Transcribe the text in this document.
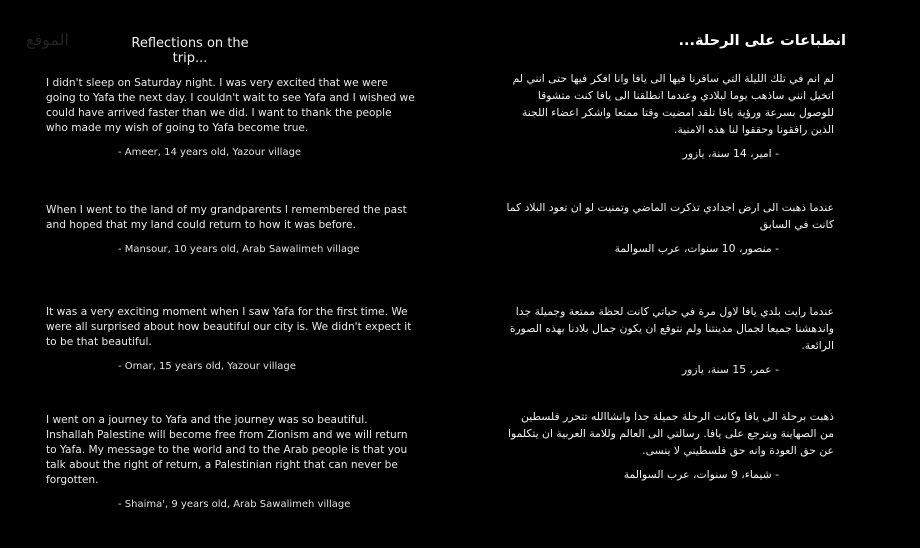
الموقع	Reflections on the trip...
انطباعات على الرحلة...

I didn't sleep on Saturday night. I was very excited that we were going to Yafa the next day. I couldn't wait to see Yafa and I wished we could have arrived faster than we did. I want to thank the people who made my wish of going to Yafa become true.

- Ameer, 14 years old, Yazour village

When I went to the land of my grandparents I remembered the past and hoped that my land could return to how it was before.

- Mansour, 10 years old, Arab Sawalimeh village

It was a very exciting moment when I saw Yafa for the first time. We were all surprised about how beautiful our city is. We didn't expect it to be that beautiful.

- Omar, 15 years old, Yazour village

I went on a journey to Yafa and the journey was so beautiful. Inshallah Palestine will become free from Zionism and we will return to Yafa. My message to the world and to the Arab people is that you talk about the right of return, a Palestinian right that can never be forgotten.

- Shaima', 9 years old, Arab Sawalimeh village

لم انم في تلك الليلة التي سافرنا فيها الى يافا وانا افكر فيها حتى انني لم اتخيل انني ساذهب يوما لبلادي وعندما انطلقنا الى يافا كنت متشوقا للوصول بسرعة ورؤية يافا تلقد امضيت وقتا ممتعا واشكر اعضاء اللجنة الذين رافقونا وحققوا لنا هذه الامنية.

- امير، 14 سنة، يازور

عندما ذهبت الى ارض اجدادي تذكرت الماضي وتمنيت لو ان تعود البلاد كما كانت في السابق

- منصور، 10 سنوات، عرب السوالمة

عندما رايت بلدي يافا لاول مرة في حياتي كانت لحظة ممتعة وجميلة جدا واندهشنا جميعا لجمال مدينتنا ولم نتوقع ان يكون جمال بلادنا بهذه الصورة الرائعة.

- عمر، 15 سنة، يازور

ذهبت برحلة الى يافا وكانت الرحلة جميلة جدا وانشاالله تتحرر فلسطين من الصهاينة ويترجع على يافا. رسالتي الى العالم وللامة العربية ان يتكلموا عن حق العودة وانه حق فلسطيني لا ينسى.

- شيماء، 9 سنوات، عرب السوالمة
